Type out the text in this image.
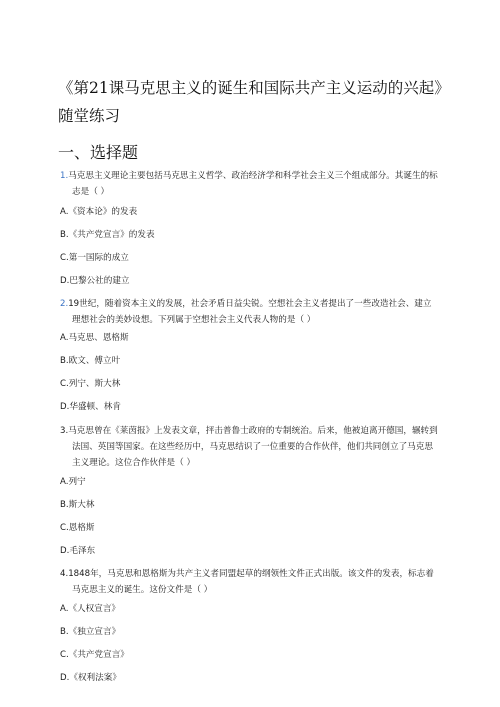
《第21课马克思主义的诞生和国际共产主义运动的兴起》随堂练习
一、选择题
1.马克思主义理论主要包括马克思主义哲学、政治经济学和科学社会主义三个组成部分。其诞生的标志是（ ）
A.《资本论》的发表
B.《共产党宣言》的发表
C.第一国际的成立
D.巴黎公社的建立
2.19世纪，随着资本主义的发展，社会矛盾日益尖锐。空想社会主义者提出了一些改造社会、建立理想社会的美妙设想。下列属于空想社会主义代表人物的是（ ）
A.马克思、恩格斯
B.欧文、傅立叶
C.列宁、斯大林
D.华盛顿、林肯
3.马克思曾在《莱茵报》上发表文章，抨击普鲁士政府的专制统治。后来，他被迫离开德国，辗转到法国、英国等国家。在这些经历中，马克思结识了一位重要的合作伙伴，他们共同创立了马克思主义理论。这位合作伙伴是（ ）
A.列宁
B.斯大林
C.恩格斯
D.毛泽东
4.1848年，马克思和恩格斯为共产主义者同盟起草的纲领性文件正式出版。该文件的发表，标志着马克思主义的诞生。这份文件是（ ）
A.《人权宣言》
B.《独立宣言》
C.《共产党宣言》
D.《权利法案》
